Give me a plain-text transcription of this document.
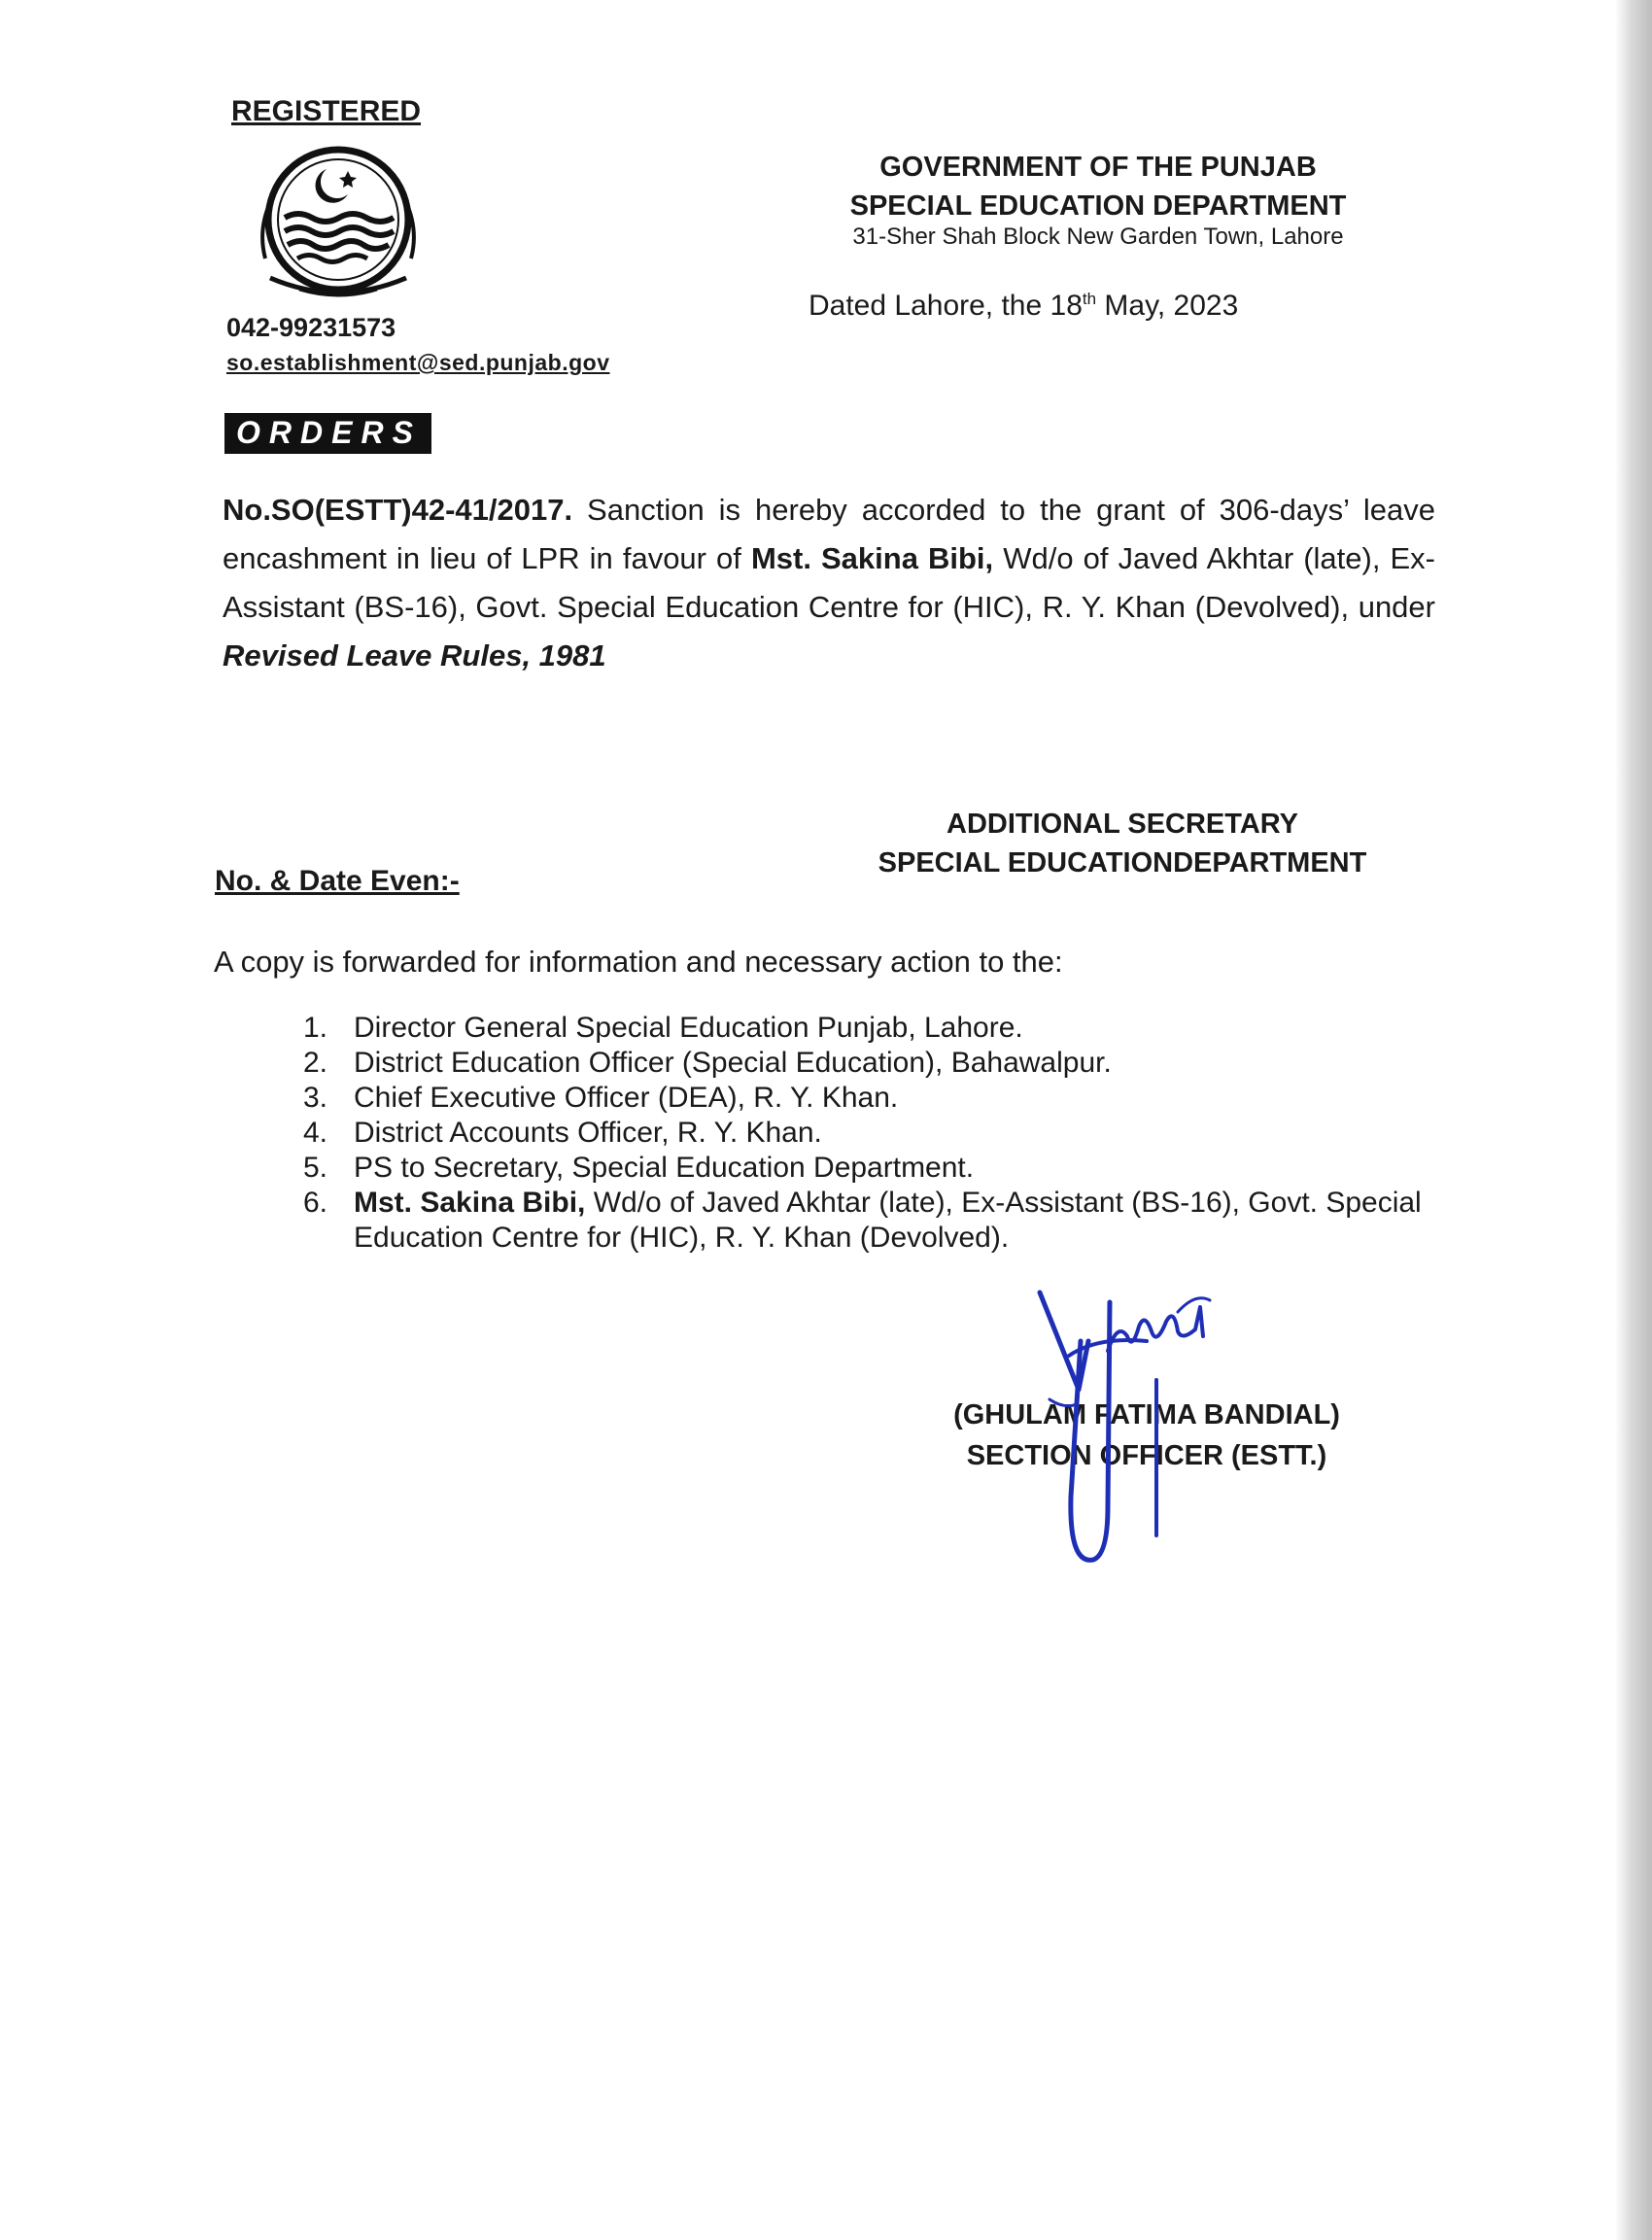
REGISTERED
042-99231573
so.establishment@sed.punjab.gov
GOVERNMENT OF THE PUNJAB
SPECIAL EDUCATION DEPARTMENT
31-Sher Shah Block New Garden Town, Lahore
Dated Lahore, the 18th May, 2023
ORDERS
No.SO(ESTT)42-41/2017. Sanction is hereby accorded to the grant of 306-days’ leave encashment in lieu of LPR in favour of Mst. Sakina Bibi, Wd/o of Javed Akhtar (late), Ex-Assistant (BS-16), Govt. Special Education Centre for (HIC), R. Y. Khan (Devolved), under Revised Leave Rules, 1981
ADDITIONAL SECRETARY
SPECIAL EDUCATIONDEPARTMENT
No. & Date Even:-
A copy is forwarded for information and necessary action to the:
1. Director General Special Education Punjab, Lahore.
2. District Education Officer (Special Education), Bahawalpur.
3. Chief Executive Officer (DEA), R. Y. Khan.
4. District Accounts Officer, R. Y. Khan.
5. PS to Secretary, Special Education Department.
6. Mst. Sakina Bibi, Wd/o of Javed Akhtar (late), Ex-Assistant (BS-16), Govt. Special Education Centre for (HIC), R. Y. Khan (Devolved).
(GHULAM FATIMA BANDIAL)
SECTION OFFICER (ESTT.)
